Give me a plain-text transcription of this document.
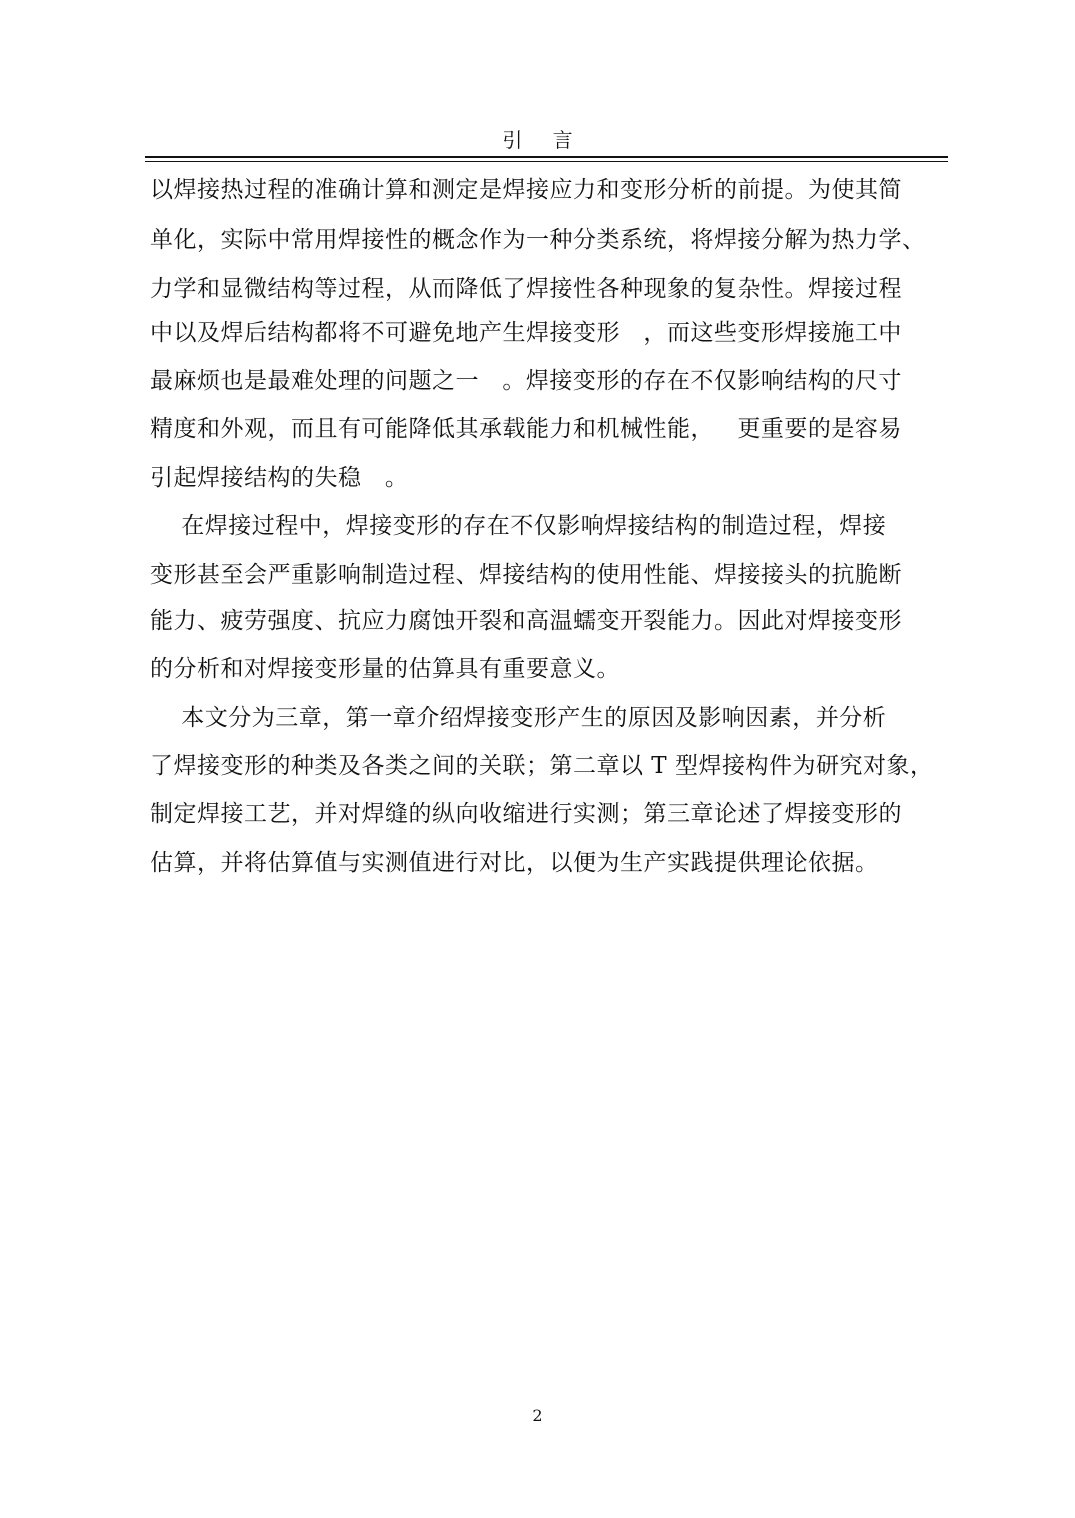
引 言
以焊接热过程的准确计算和测定是焊接应力和变形分析的前提。为使其简
单化，实际中常用焊接性的概念作为一种分类系统，将焊接分解为热力学、
力学和显微结构等过程，从而降低了焊接性各种现象的复杂性。焊接过程
中以及焊后结构都将不可避免地产生焊接变形   ，而这些变形焊接施工中
最麻烦也是最难处理的问题之一   。焊接变形的存在不仅影响结构的尺寸
精度和外观，而且有可能降低其承载能力和机械性能，   更重要的是容易
引起焊接结构的失稳   。
在焊接过程中，焊接变形的存在不仅影响焊接结构的制造过程，焊接
变形甚至会严重影响制造过程、焊接结构的使用性能、焊接接头的抗脆断
能力、疲劳强度、抗应力腐蚀开裂和高温蠕变开裂能力。因此对焊接变形
的分析和对焊接变形量的估算具有重要意义。
本文分为三章，第一章介绍焊接变形产生的原因及影响因素，并分析
了焊接变形的种类及各类之间的关联；第二章以 T 型焊接构件为研究对象，
制定焊接工艺，并对焊缝的纵向收缩进行实测；第三章论述了焊接变形的
估算，并将估算值与实测值进行对比，以便为生产实践提供理论依据。
2
